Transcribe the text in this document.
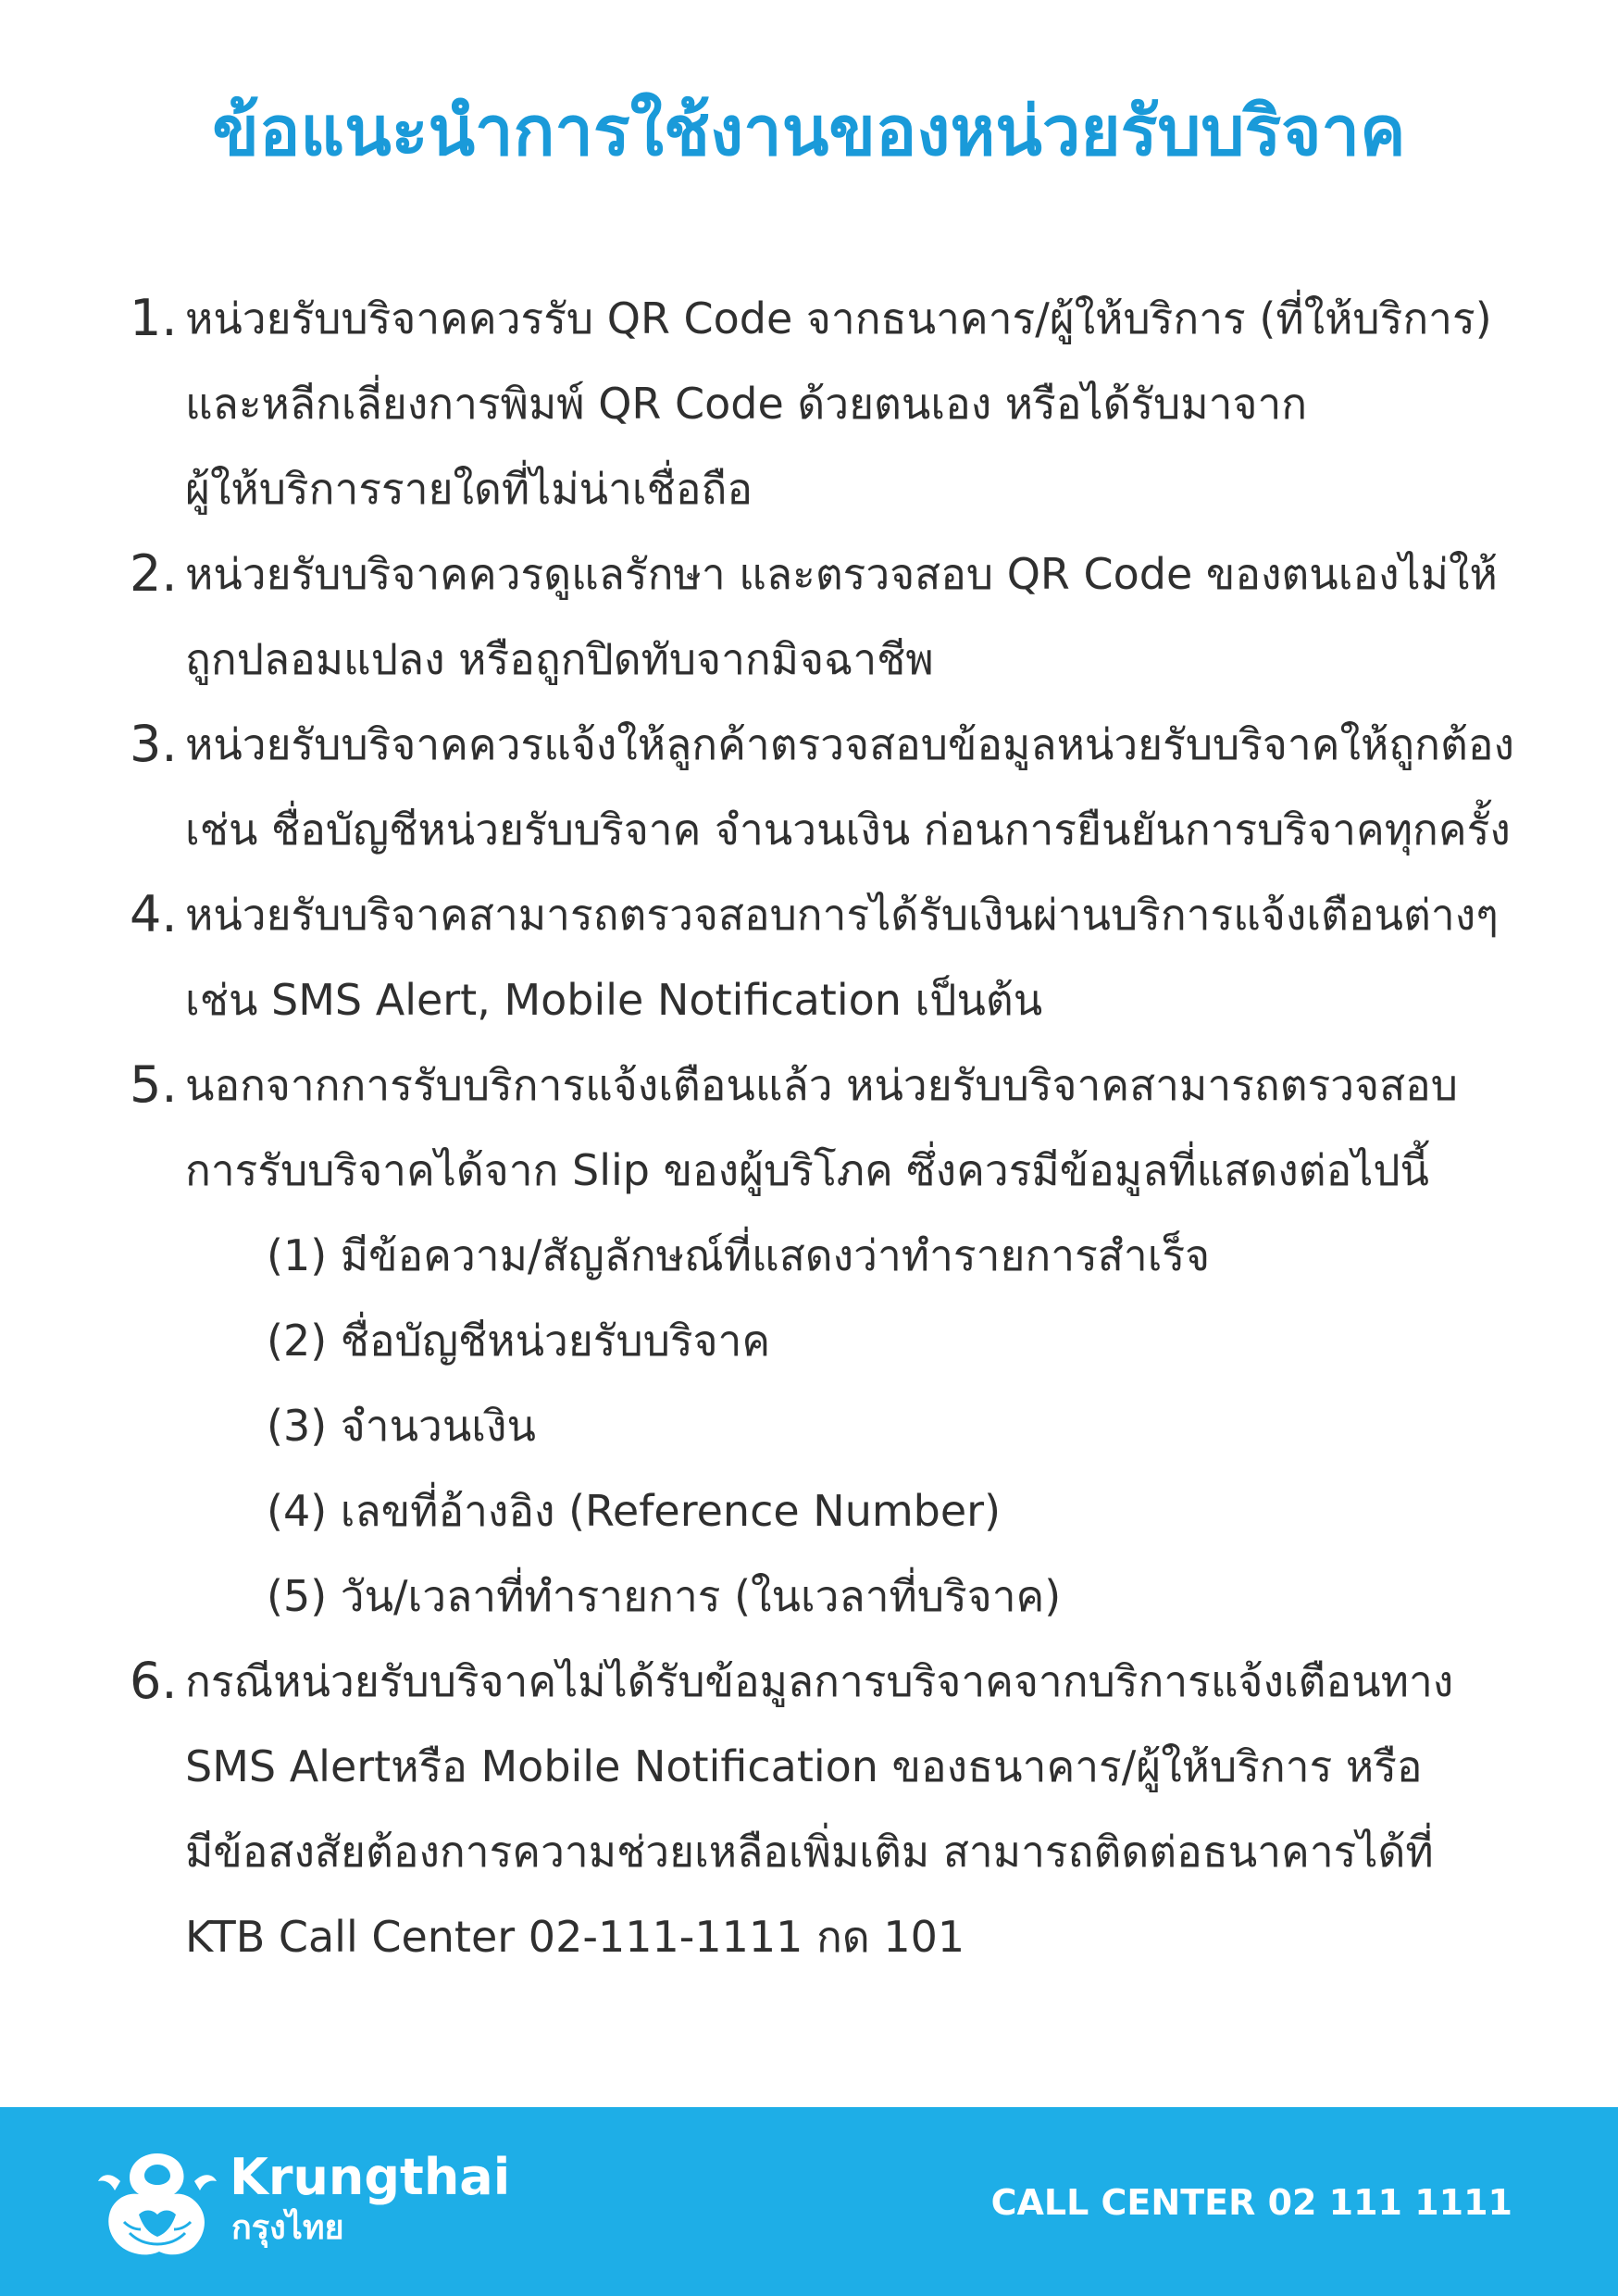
ข้อแนะนำการใช้งานของหน่วยรับบริจาค
1. หน่วยรับบริจาคควรรับ QR Code จากธนาคาร/ผู้ให้บริการ (ที่ให้บริการ)
และหลีกเลี่ยงการพิมพ์ QR Code ด้วยตนเอง หรือได้รับมาจาก
ผู้ให้บริการรายใดที่ไม่น่าเชื่อถือ
2. หน่วยรับบริจาคควรดูแลรักษา และตรวจสอบ QR Code ของตนเองไม่ให้
ถูกปลอมแปลง หรือถูกปิดทับจากมิจฉาชีพ
3. หน่วยรับบริจาคควรแจ้งให้ลูกค้าตรวจสอบข้อมูลหน่วยรับบริจาคให้ถูกต้อง
เช่น ชื่อบัญชีหน่วยรับบริจาค จำนวนเงิน ก่อนการยืนยันการบริจาคทุกครั้ง
4. หน่วยรับบริจาคสามารถตรวจสอบการได้รับเงินผ่านบริการแจ้งเตือนต่างๆ
เช่น SMS Alert, Mobile Notification เป็นต้น
5. นอกจากการรับบริการแจ้งเตือนแล้ว หน่วยรับบริจาคสามารถตรวจสอบ
การรับบริจาคได้จาก Slip ของผู้บริโภค ซึ่งควรมีข้อมูลที่แสดงต่อไปนี้
(1) มีข้อความ/สัญลักษณ์ที่แสดงว่าทำรายการสำเร็จ
(2) ชื่อบัญชีหน่วยรับบริจาค
(3) จำนวนเงิน
(4) เลขที่อ้างอิง (Reference Number)
(5) วัน/เวลาที่ทำรายการ (ในเวลาที่บริจาค)
6. กรณีหน่วยรับบริจาคไม่ได้รับข้อมูลการบริจาคจากบริการแจ้งเตือนทาง
SMS Alertหรือ Mobile Notification ของธนาคาร/ผู้ให้บริการ หรือ
มีข้อสงสัยต้องการความช่วยเหลือเพิ่มเติม สามารถติดต่อธนาคารได้ที่
KTB Call Center 02-111-1111 กด 101
Krungthai
กรุงไทย
CALL CENTER 02 111 1111
